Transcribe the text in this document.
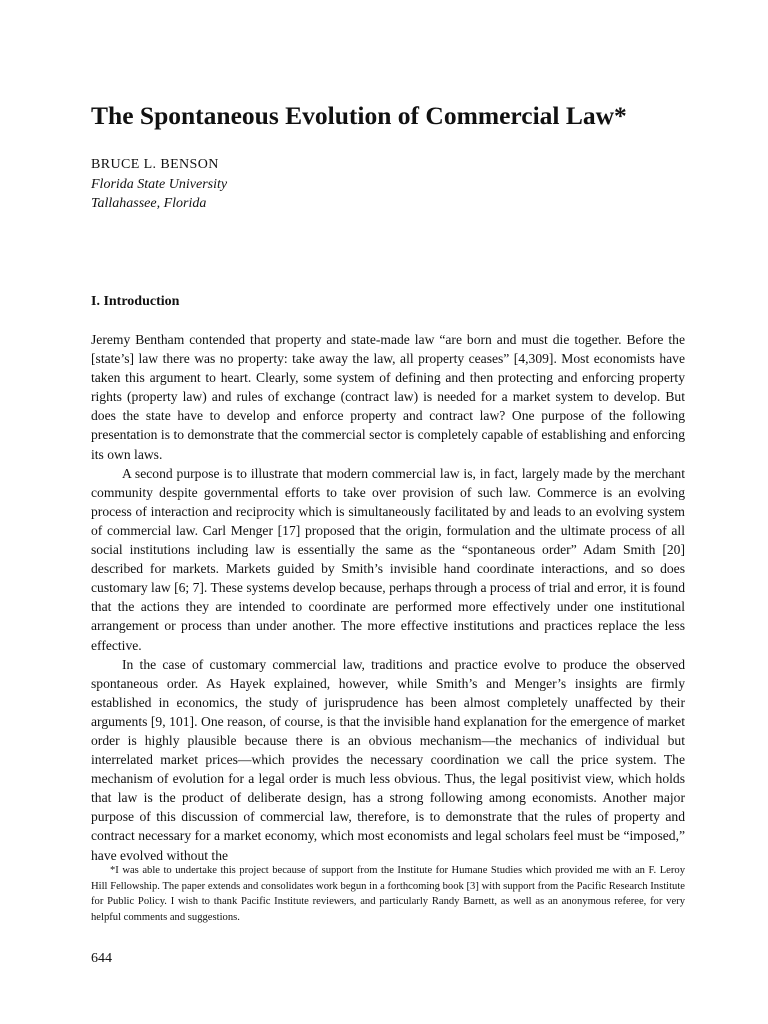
The Spontaneous Evolution of Commercial Law*
BRUCE L. BENSON
Florida State University
Tallahassee, Florida
I. Introduction

Jeremy Bentham contended that property and state-made law “are born and must die together. Before the [state’s] law there was no property: take away the law, all property ceases” [4,309]. Most economists have taken this argument to heart. Clearly, some system of defining and then protecting and enforcing property rights (property law) and rules of exchange (contract law) is needed for a market system to develop. But does the state have to develop and enforce property and contract law? One purpose of the following presentation is to demonstrate that the commercial sector is completely capable of establishing and enforcing its own laws.

A second purpose is to illustrate that modern commercial law is, in fact, largely made by the merchant community despite governmental efforts to take over provision of such law. Commerce is an evolving process of interaction and reciprocity which is simultaneously facilitated by and leads to an evolving system of commercial law. Carl Menger [17] proposed that the origin, formulation and the ultimate process of all social institutions including law is essentially the same as the “spontaneous order” Adam Smith [20] described for markets. Markets guided by Smith’s invisible hand coordinate interactions, and so does customary law [6; 7]. These systems develop because, perhaps through a process of trial and error, it is found that the actions they are intended to coordinate are performed more effectively under one institutional arrangement or process than under another. The more effective institutions and practices replace the less effective.

In the case of customary commercial law, traditions and practice evolve to produce the observed spontaneous order. As Hayek explained, however, while Smith’s and Menger’s insights are firmly established in economics, the study of jurisprudence has been almost completely unaffected by their arguments [9, 101]. One reason, of course, is that the invisible hand explanation for the emergence of market order is highly plausible because there is an obvious mechanism—the mechanics of individual but interrelated market prices—which provides the necessary coordination we call the price system. The mechanism of evolution for a legal order is much less obvious. Thus, the legal positivist view, which holds that law is the product of deliberate design, has a strong following among economists. Another major purpose of this discussion of commercial law, therefore, is to demonstrate that the rules of property and contract necessary for a market economy, which most economists and legal scholars feel must be “imposed,” have evolved without the

*I was able to undertake this project because of support from the Institute for Humane Studies which provided me with an F. Leroy Hill Fellowship. The paper extends and consolidates work begun in a forthcoming book [3] with support from the Pacific Research Institute for Public Policy. I wish to thank Pacific Institute reviewers, and particularly Randy Barnett, as well as an anonymous referee, for very helpful comments and suggestions.

644
